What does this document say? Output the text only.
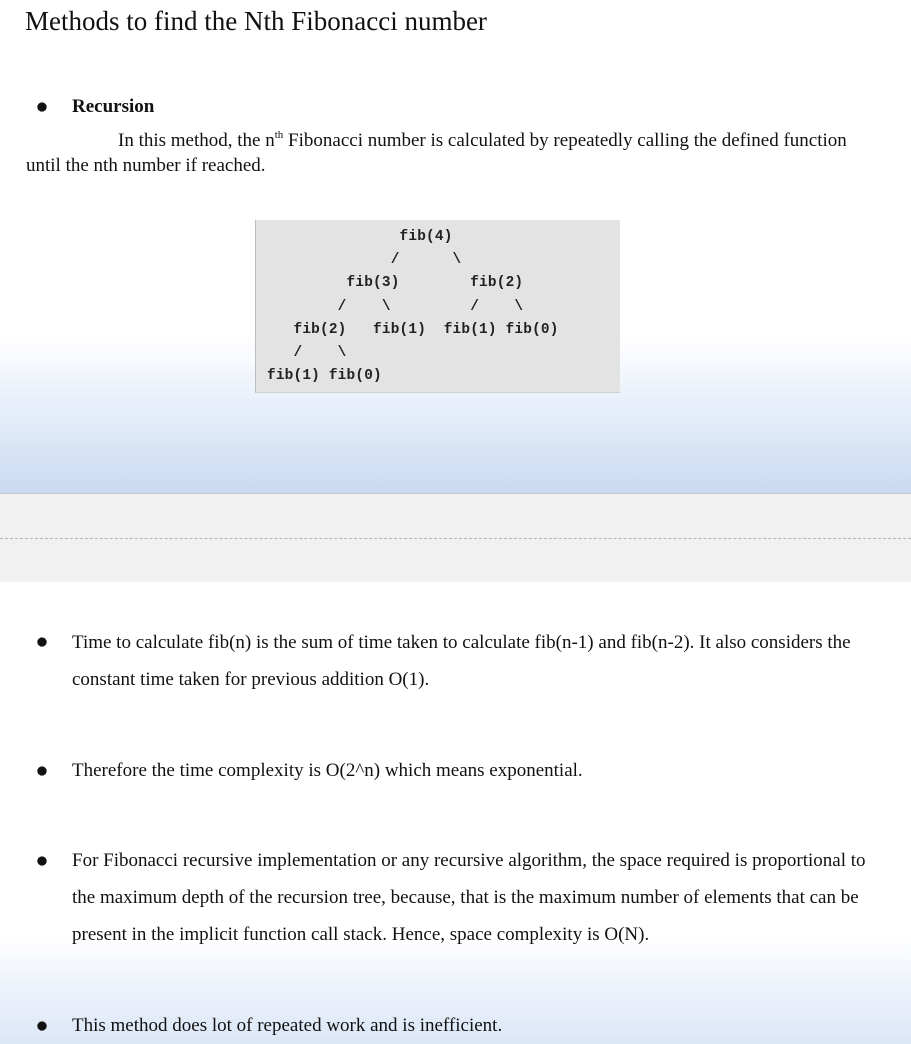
Methods to find the Nth Fibonacci number
Recursion

In this method, the $n^{th}$ Fibonacci number is calculated by repeatedly calling the defined function until the nth number if reached.

fib(4)
/      \
fib(3)        fib(2)
/    \         /    \
fib(2)   fib(1)  fib(1) fib(0)
/    \
fib(1) fib(0)

Time to calculate fib(n) is the sum of time taken to calculate fib(n-1) and fib(n-2). It also considers the constant time taken for previous addition O(1).

Therefore the time complexity is O(2^n) which means exponential.

For Fibonacci recursive implementation or any recursive algorithm, the space required is proportional to the maximum depth of the recursion tree, because, that is the maximum number of elements that can be present in the implicit function call stack. Hence, space complexity is O(N).

This method does lot of repeated work and is inefficient.
